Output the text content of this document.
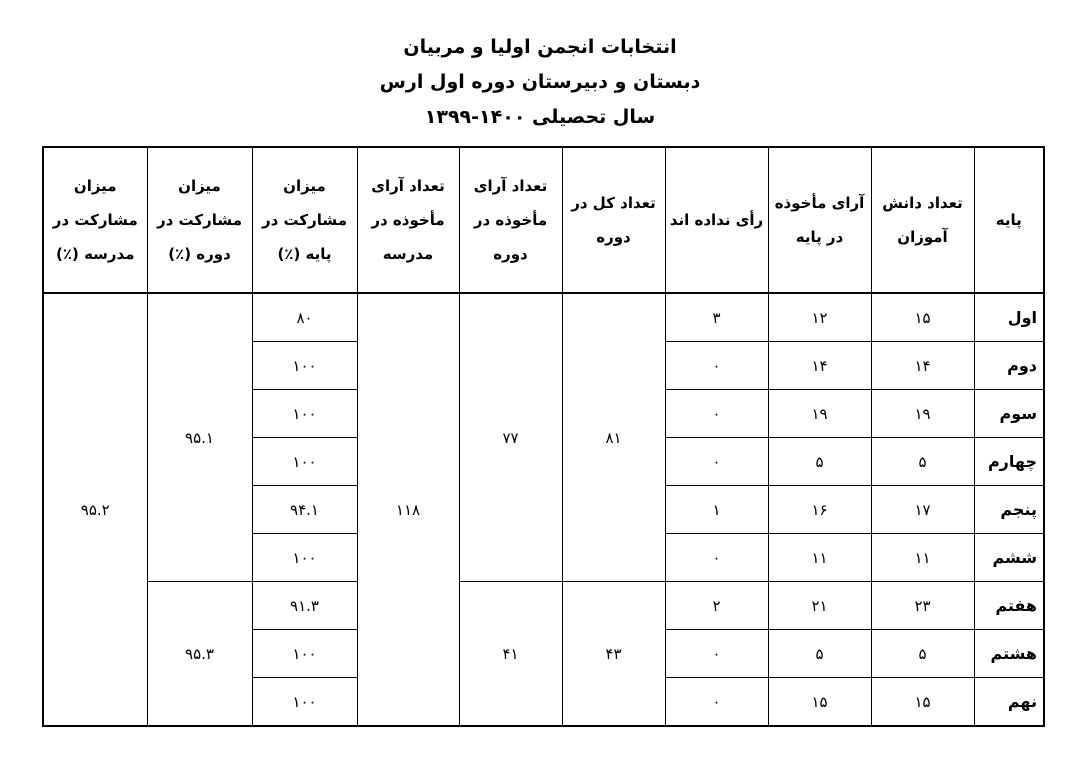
انتخابات انجمن اولیا و مربیان
دبستان و دبیرستان دوره اول ارس
سال تحصیلی ۱۴۰۰-۱۳۹۹
پایه	تعداد دانش آموزان	آرای مأخوذه در پایه	رأی نداده اند	تعداد کل در دوره	تعداد آرای مأخوذه در دوره	تعداد آرای مأخوذه در مدرسه	میزان مشارکت در پایه (٪)	میزان مشارکت در دوره (٪)	میزان مشارکت در مدرسه (٪)
اول	۱۵	۱۲	۳	۸۱	۷۷	۱۱۸	۸۰	۹۵.۱	۹۵.۲
دوم	۱۴	۱۴	۰				۱۰۰		
سوم	۱۹	۱۹	۰				۱۰۰		
چهارم	۵	۵	۰				۱۰۰		
پنجم	۱۷	۱۶	۱				۹۴.۱		
ششم	۱۱	۱۱	۰				۱۰۰		
هفتم	۲۳	۲۱	۲	۴۳	۴۱		۹۱.۳	۹۵.۳	
هشتم	۵	۵	۰				۱۰۰		
نهم	۱۵	۱۵	۰				۱۰۰		
